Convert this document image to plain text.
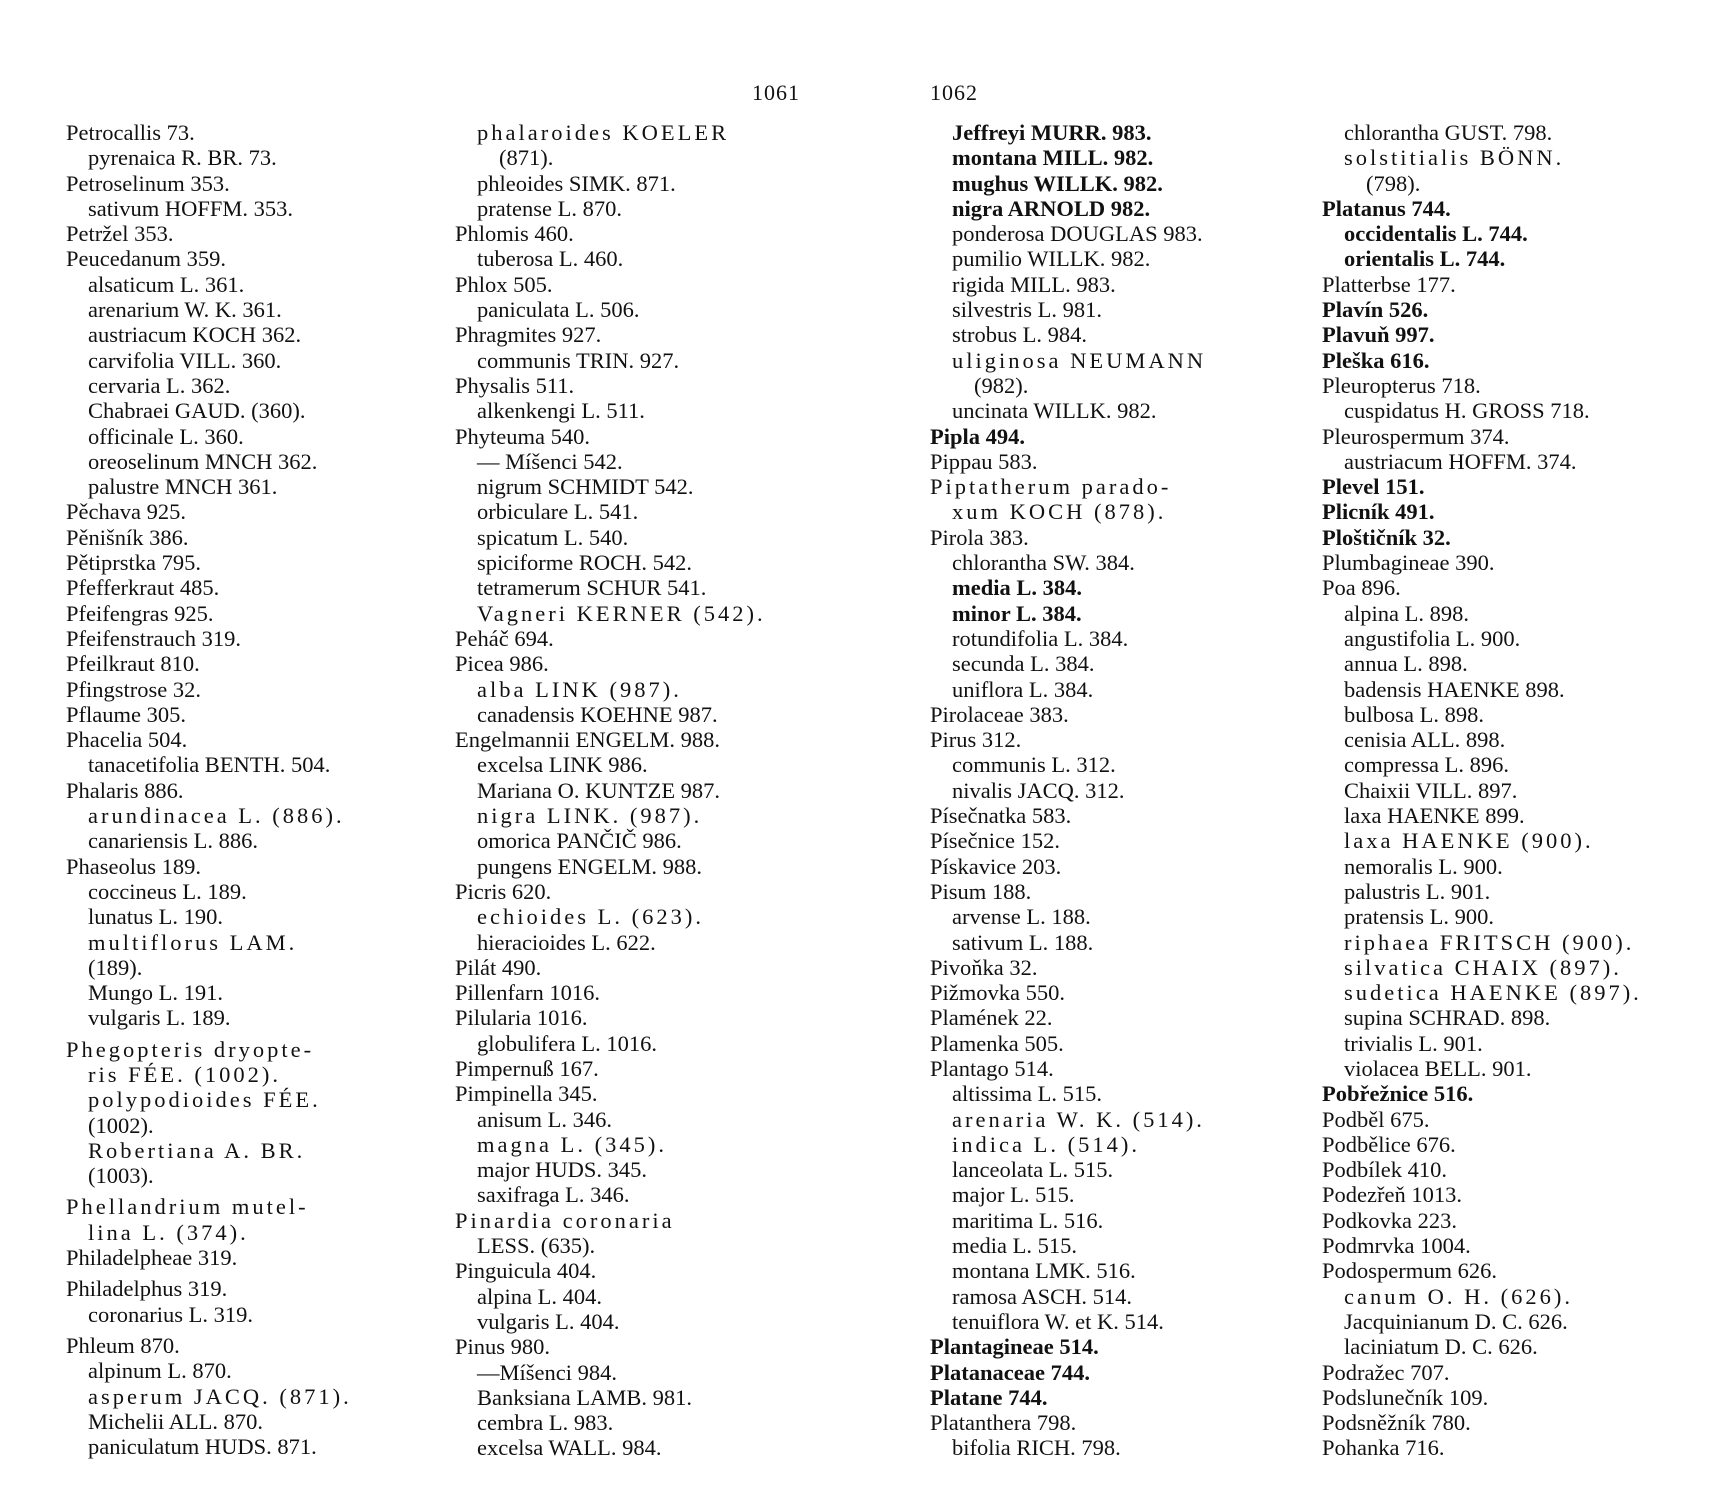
1061	1062
Petrocallis 73.
pyrenaica R. BR. 73.
Petroselinum 353.
sativum HOFFM. 353.
Petržel 353.
Peucedanum 359.
alsaticum L. 361.
arenarium W. K. 361.
austriacum KOCH 362.
carvifolia VILL. 360.
cervaria L. 362.
Chabraei GAUD. (360).
officinale L. 360.
oreoselinum MNCH 362.
palustre MNCH 361.
Pěchava 925.
Pěnišník 386.
Pětiprstka 795.
Pfefferkraut 485.
Pfeifengras 925.
Pfeifenstrauch 319.
Pfeilkraut 810.
Pfingstrose 32.
Pflaume 305.
Phacelia 504.
tanacetifolia BENTH. 504.
Phalaris 886.
arundinacea L. (886).
canariensis L. 886.
Phaseolus 189.
coccineus L. 189.
lunatus L. 190.
multiflorus LAM.
(189).
Mungo L. 191.
vulgaris L. 189.
Phegopteris dryopte-
ris FÉE. (1002).
polypodioides FÉE.
(1002).
Robertiana A. BR.
(1003).
Phellandrium mutel-
lina L. (374).
Philadelpheae 319.
Philadelphus 319.
coronarius L. 319.
Phleum 870.
alpinum L. 870.
asperum JACQ. (871).
Michelii ALL. 870.
paniculatum HUDS. 871.
phalaroides KOELER
(871).
phleoides SIMK. 871.
pratense L. 870.
Phlomis 460.
tuberosa L. 460.
Phlox 505.
paniculata L. 506.
Phragmites 927.
communis TRIN. 927.
Physalis 511.
alkenkengi L. 511.
Phyteuma 540.
— Míšenci 542.
nigrum SCHMIDT 542.
orbiculare L. 541.
spicatum L. 540.
spiciforme ROCH. 542.
tetramerum SCHUR 541.
Vagneri KERNER (542).
Peháč 694.
Picea 986.
alba LINK (987).
canadensis KOEHNE 987.
Engelmannii ENGELM. 988.
excelsa LINK 986.
Mariana O. KUNTZE 987.
nigra LINK. (987).
omorica PANČIČ 986.
pungens ENGELM. 988.
Picris 620.
echioides L. (623).
hieracioides L. 622.
Pilát 490.
Pillenfarn 1016.
Pilularia 1016.
globulifera L. 1016.
Pimpernuß 167.
Pimpinella 345.
anisum L. 346.
magna L. (345).
major HUDS. 345.
saxifraga L. 346.
Pinardia coronaria
LESS. (635).
Pinguicula 404.
alpina L. 404.
vulgaris L. 404.
Pinus 980.
—Míšenci 984.
Banksiana LAMB. 981.
cembra L. 983.
excelsa WALL. 984.
Jeffreyi MURR. 983.
montana MILL. 982.
mughus WILLK. 982.
nigra ARNOLD 982.
ponderosa DOUGLAS 983.
pumilio WILLK. 982.
rigida MILL. 983.
silvestris L. 981.
strobus L. 984.
uliginosa NEUMANN
(982).
uncinata WILLK. 982.
Pipla 494.
Pippau 583.
Piptatherum parado-
xum KOCH (878).
Pirola 383.
chlorantha SW. 384.
media L. 384.
minor L. 384.
rotundifolia L. 384.
secunda L. 384.
uniflora L. 384.
Pirolaceae 383.
Pirus 312.
communis L. 312.
nivalis JACQ. 312.
Písečnatka 583.
Písečnice 152.
Pískavice 203.
Pisum 188.
arvense L. 188.
sativum L. 188.
Pivoňka 32.
Pižmovka 550.
Plamének 22.
Plamenka 505.
Plantago 514.
altissima L. 515.
arenaria W. K. (514).
indica L. (514).
lanceolata L. 515.
major L. 515.
maritima L. 516.
media L. 515.
montana LMK. 516.
ramosa ASCH. 514.
tenuiflora W. et K. 514.
Plantagineae 514.
Platanaceae 744.
Platane 744.
Platanthera 798.
bifolia RICH. 798.
chlorantha GUST. 798.
solstitialis BÖNN.
(798).
Platanus 744.
occidentalis L. 744.
orientalis L. 744.
Platterbse 177.
Plavín 526.
Plavuň 997.
Pleška 616.
Pleuropterus 718.
cuspidatus H. GROSS 718.
Pleurospermum 374.
austriacum HOFFM. 374.
Plevel 151.
Plicník 491.
Ploštičník 32.
Plumbagineae 390.
Poa 896.
alpina L. 898.
angustifolia L. 900.
annua L. 898.
badensis HAENKE 898.
bulbosa L. 898.
cenisia ALL. 898.
compressa L. 896.
Chaixii VILL. 897.
laxa HAENKE 899.
laxa HAENKE (900).
nemoralis L. 900.
palustris L. 901.
pratensis L. 900.
riphaea FRITSCH (900).
silvatica CHAIX (897).
sudetica HAENKE (897).
supina SCHRAD. 898.
trivialis L. 901.
violacea BELL. 901.
Pobřežnice 516.
Podběl 675.
Podbělice 676.
Podbílek 410.
Podezřeň 1013.
Podkovka 223.
Podmrvka 1004.
Podospermum 626.
canum O. H. (626).
Jacquinianum D. C. 626.
laciniatum D. C. 626.
Podražec 707.
Podslunečník 109.
Podsněžník 780.
Pohanka 716.
